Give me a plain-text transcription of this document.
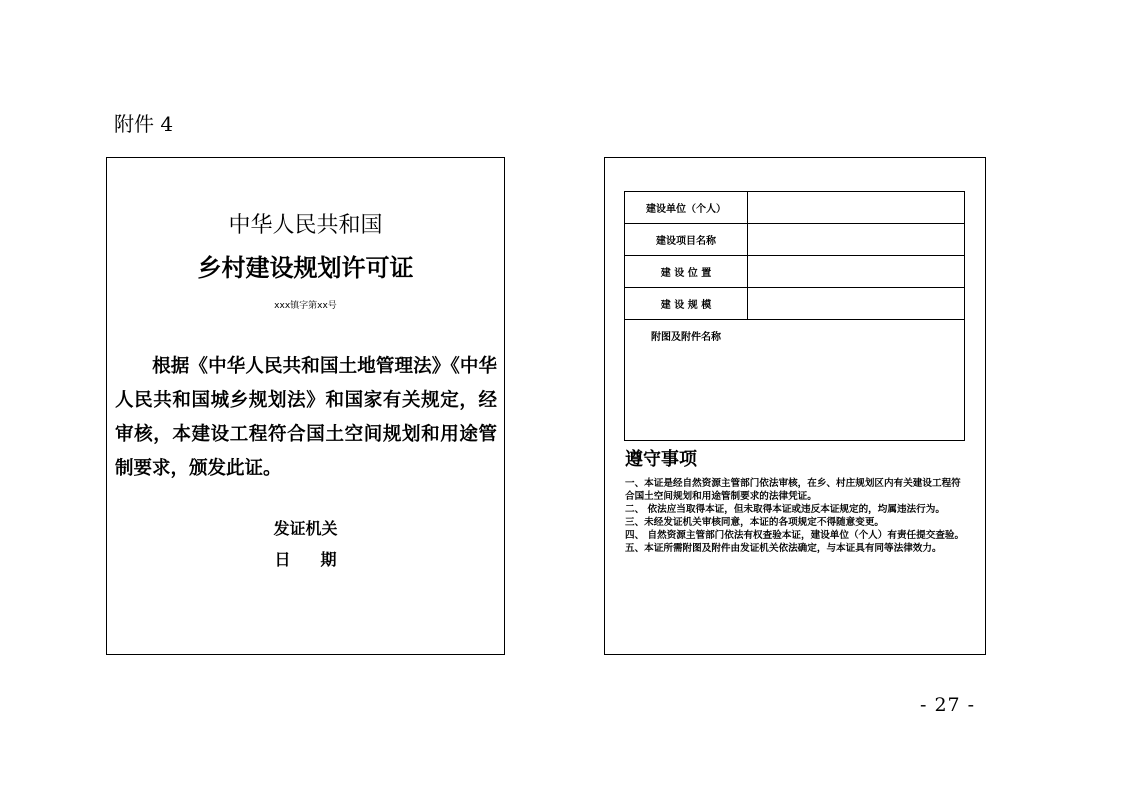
附件 4
中华人民共和国
乡村建设规划许可证
xxx镇字第xx号
根据《中华人民共和国土地管理法》《中华人民共和国城乡规划法》和国家有关规定，经审核，本建设工程符合国土空间规划和用途管制要求，颁发此证。
发证机关
日 期
建设单位（个人）	
建设项目名称	
建 设 位 置	
建 设 规 模	
附图及附件名称	
遵守事项
一、本证是经自然资源主管部门依法审核，在乡、村庄规划区内有关建设工程符合国土空间规划和用途管制要求的法律凭证。
二、 依法应当取得本证，但未取得本证或违反本证规定的，均属违法行为。
三、未经发证机关审核同意，本证的各项规定不得随意变更。
四、 自然资源主管部门依法有权查验本证，建设单位（个人）有责任提交查验。
五、本证所需附图及附件由发证机关依法确定，与本证具有同等法律效力。
- 27 -
